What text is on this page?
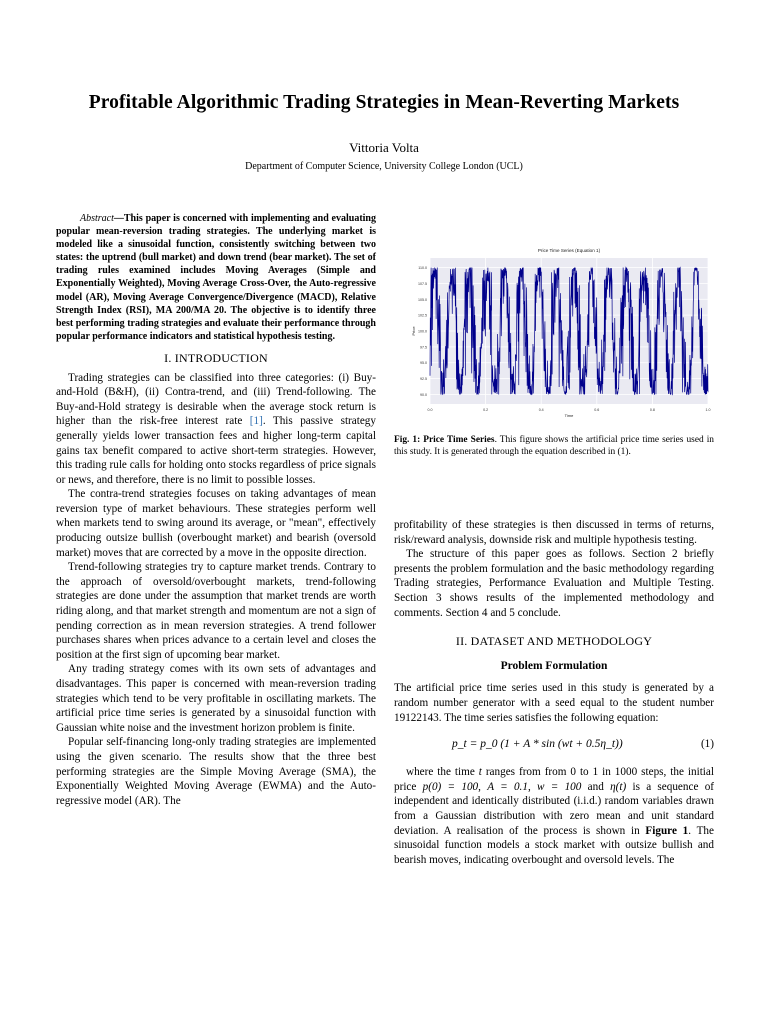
Profitable Algorithmic Trading Strategies in Mean-Reverting Markets
Vittoria Volta
Department of Computer Science, University College London (UCL)

Abstract—This paper is concerned with implementing and evaluating popular mean-reversion trading strategies. The underlying market is modeled like a sinusoidal function, consistently switching between two states: the uptrend (bull market) and down trend (bear market). The set of trading rules examined includes Moving Averages (Simple and Exponentially Weighted), Moving Average Cross-Over, the Auto-regressive model (AR), Moving Average Convergence/Divergence (MACD), Relative Strength Index (RSI), MA 200/MA 20. The objective is to identify three best performing trading strategies and evaluate their performance through popular performance indicators and statistical hypothesis testing.

I. INTRODUCTION

Trading strategies can be classified into three categories: (i) Buy-and-Hold (B&H), (ii) Contra-trend, and (iii) Trend-following. The Buy-and-Hold strategy is desirable when the average stock return is higher than the risk-free interest rate [1]. This passive strategy generally yields lower transaction fees and higher long-term capital gains tax benefit compared to active short-term strategies. However, this trading rule calls for holding onto stocks regardless of price signals or news, and therefore, there is no limit to possible losses.

The contra-trend strategies focuses on taking advantages of mean reversion type of market behaviours. These strategies perform well when markets tend to swing around its average, or "mean", effectively producing outsize bullish (overbought market) and bearish (oversold market) moves that are corrected by a move in the opposite direction.

Trend-following strategies try to capture market trends. Contrary to the approach of oversold/overbought markets, trend-following strategies are done under the assumption that market trends are worth riding along, and that market strength and momentum are not a sign of pending correction as in mean reversion strategies. A trend follower purchases shares when prices advance to a certain level and closes the position at the first sign of upcoming bear market.

Any trading strategy comes with its own sets of advantages and disadvantages. This paper is concerned with mean-reversion trading strategies which tend to be very profitable in oscillating markets. The artificial price time series is generated by a sinusoidal function with Gaussian white noise and the investment horizon problem is finite.

Popular self-financing long-only trading strategies are implemented using the given scenario. The results show that the three best performing strategies are the Simple Moving Average (SMA), the Exponentially Weighted Moving Average (EWMA) and the Auto-regressive model (AR). The

90.0
92.5
95.0
97.5
100.0
102.5
105.0
107.5
110.0
0.0	0.2	0.4	0.6	0.8	1.0
Price Time Series (Equation 1)
Time
Price
Fig. 1: Price Time Series. This figure shows the artificial price time series used in this study. It is generated through the equation described in (1).

profitability of these strategies is then discussed in terms of returns, risk/reward analysis, downside risk and multiple hypothesis testing.

The structure of this paper goes as follows. Section 2 briefly presents the problem formulation and the basic methodology regarding Trading strategies, Performance Evaluation and Multiple Testing. Section 3 shows results of the implemented methodology and comments. Section 4 and 5 conclude.

II. DATASET AND METHODOLOGY
Problem Formulation

The artificial price time series used in this study is generated by a random number generator with a seed equal to the student number 19122143. The time series satisfies the following equation:

p_t = p_0 (1 + A * sin (wt + 0.5η_t))	(1)

where the time t ranges from from 0 to 1 in 1000 steps, the initial price p(0) = 100, A = 0.1, w = 100 and η(t) is a sequence of independent and identically distributed (i.i.d.) random variables drawn from a Gaussian distribution with zero mean and unit standard deviation. A realisation of the process is shown in Figure 1. The sinusoidal function models a stock market with outsize bullish and bearish moves, indicating overbought and oversold levels. The
